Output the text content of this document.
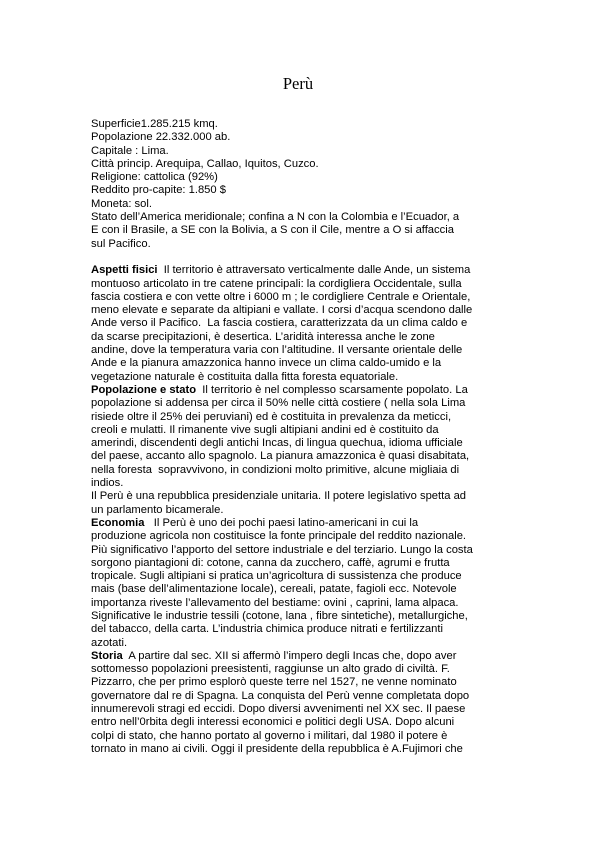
Perù
Superficie1.285.215 kmq.
Popolazione 22.332.000 ab.
Capitale : Lima.
Città princip. Arequipa, Callao, Iquitos, Cuzco.
Religione: cattolica (92%)
Reddito pro-capite: 1.850 $
Moneta: sol.
Stato dell’America meridionale; confina a N con la Colombia e l’Ecuador, a
E con il Brasile, a SE con la Bolivia, a S con il Cile, mentre a O si affaccia
sul Pacifico.
Aspetti fisici  Il territorio è attraversato verticalmente dalle Ande, un sistema
montuoso articolato in tre catene principali: la cordigliera Occidentale, sulla
fascia costiera e con vette oltre i 6000 m ; le cordigliere Centrale e Orientale,
meno elevate e separate da altipiani e vallate. I corsi d’acqua scendono dalle
Ande verso il Pacifico.  La fascia costiera, caratterizzata da un clima caldo e
da scarse precipitazioni, è desertica. L’aridità interessa anche le zone
andine, dove la temperatura varia con l’altitudine. Il versante orientale delle
Ande e la pianura amazzonica hanno invece un clima caldo-umido e la
vegetazione naturale è costituita dalla fitta foresta equatoriale.
Popolazione e stato  Il territorio è nel complesso scarsamente popolato. La
popolazione si addensa per circa il 50% nelle città costiere ( nella sola Lima
risiede oltre il 25% dei peruviani) ed è costituita in prevalenza da meticci,
creoli e mulatti. Il rimanente vive sugli altipiani andini ed è costituito da
amerindi, discendenti degli antichi Incas, di lingua quechua, idioma ufficiale
del paese, accanto allo spagnolo. La pianura amazzonica è quasi disabitata,
nella foresta  sopravvivono, in condizioni molto primitive, alcune migliaia di
indios.
Il Perù è una repubblica presidenziale unitaria. Il potere legislativo spetta ad
un parlamento bicamerale.
Economia   Il Perù è uno dei pochi paesi latino-americani in cui la
produzione agricola non costituisce la fonte principale del reddito nazionale.
Più significativo l’apporto del settore industriale e del terziario. Lungo la costa
sorgono piantagioni di: cotone, canna da zucchero, caffè, agrumi e frutta
tropicale. Sugli altipiani si pratica un’agricoltura di sussistenza che produce
mais (base dell’alimentazione locale), cereali, patate, fagioli ecc. Notevole
importanza riveste l’allevamento del bestiame: ovini , caprini, lama alpaca.
Significative le industrie tessili (cotone, lana , fibre sintetiche), metallurgiche,
del tabacco, della carta. L’industria chimica produce nitrati e fertilizzanti
azotati.
Storia  A partire dal sec. XII si affermò l’impero degli Incas che, dopo aver
sottomesso popolazioni preesistenti, raggiunse un alto grado di civiltà. F.
Pizzarro, che per primo esplorò queste terre nel 1527, ne venne nominato
governatore dal re di Spagna. La conquista del Perù venne completata dopo
innumerevoli stragi ed eccidi. Dopo diversi avvenimenti nel XX sec. Il paese
entro nell’0rbita degli interessi economici e politici degli USA. Dopo alcuni
colpi di stato, che hanno portato al governo i militari, dal 1980 il potere è
tornato in mano ai civili. Oggi il presidente della repubblica è A.Fujimori che
